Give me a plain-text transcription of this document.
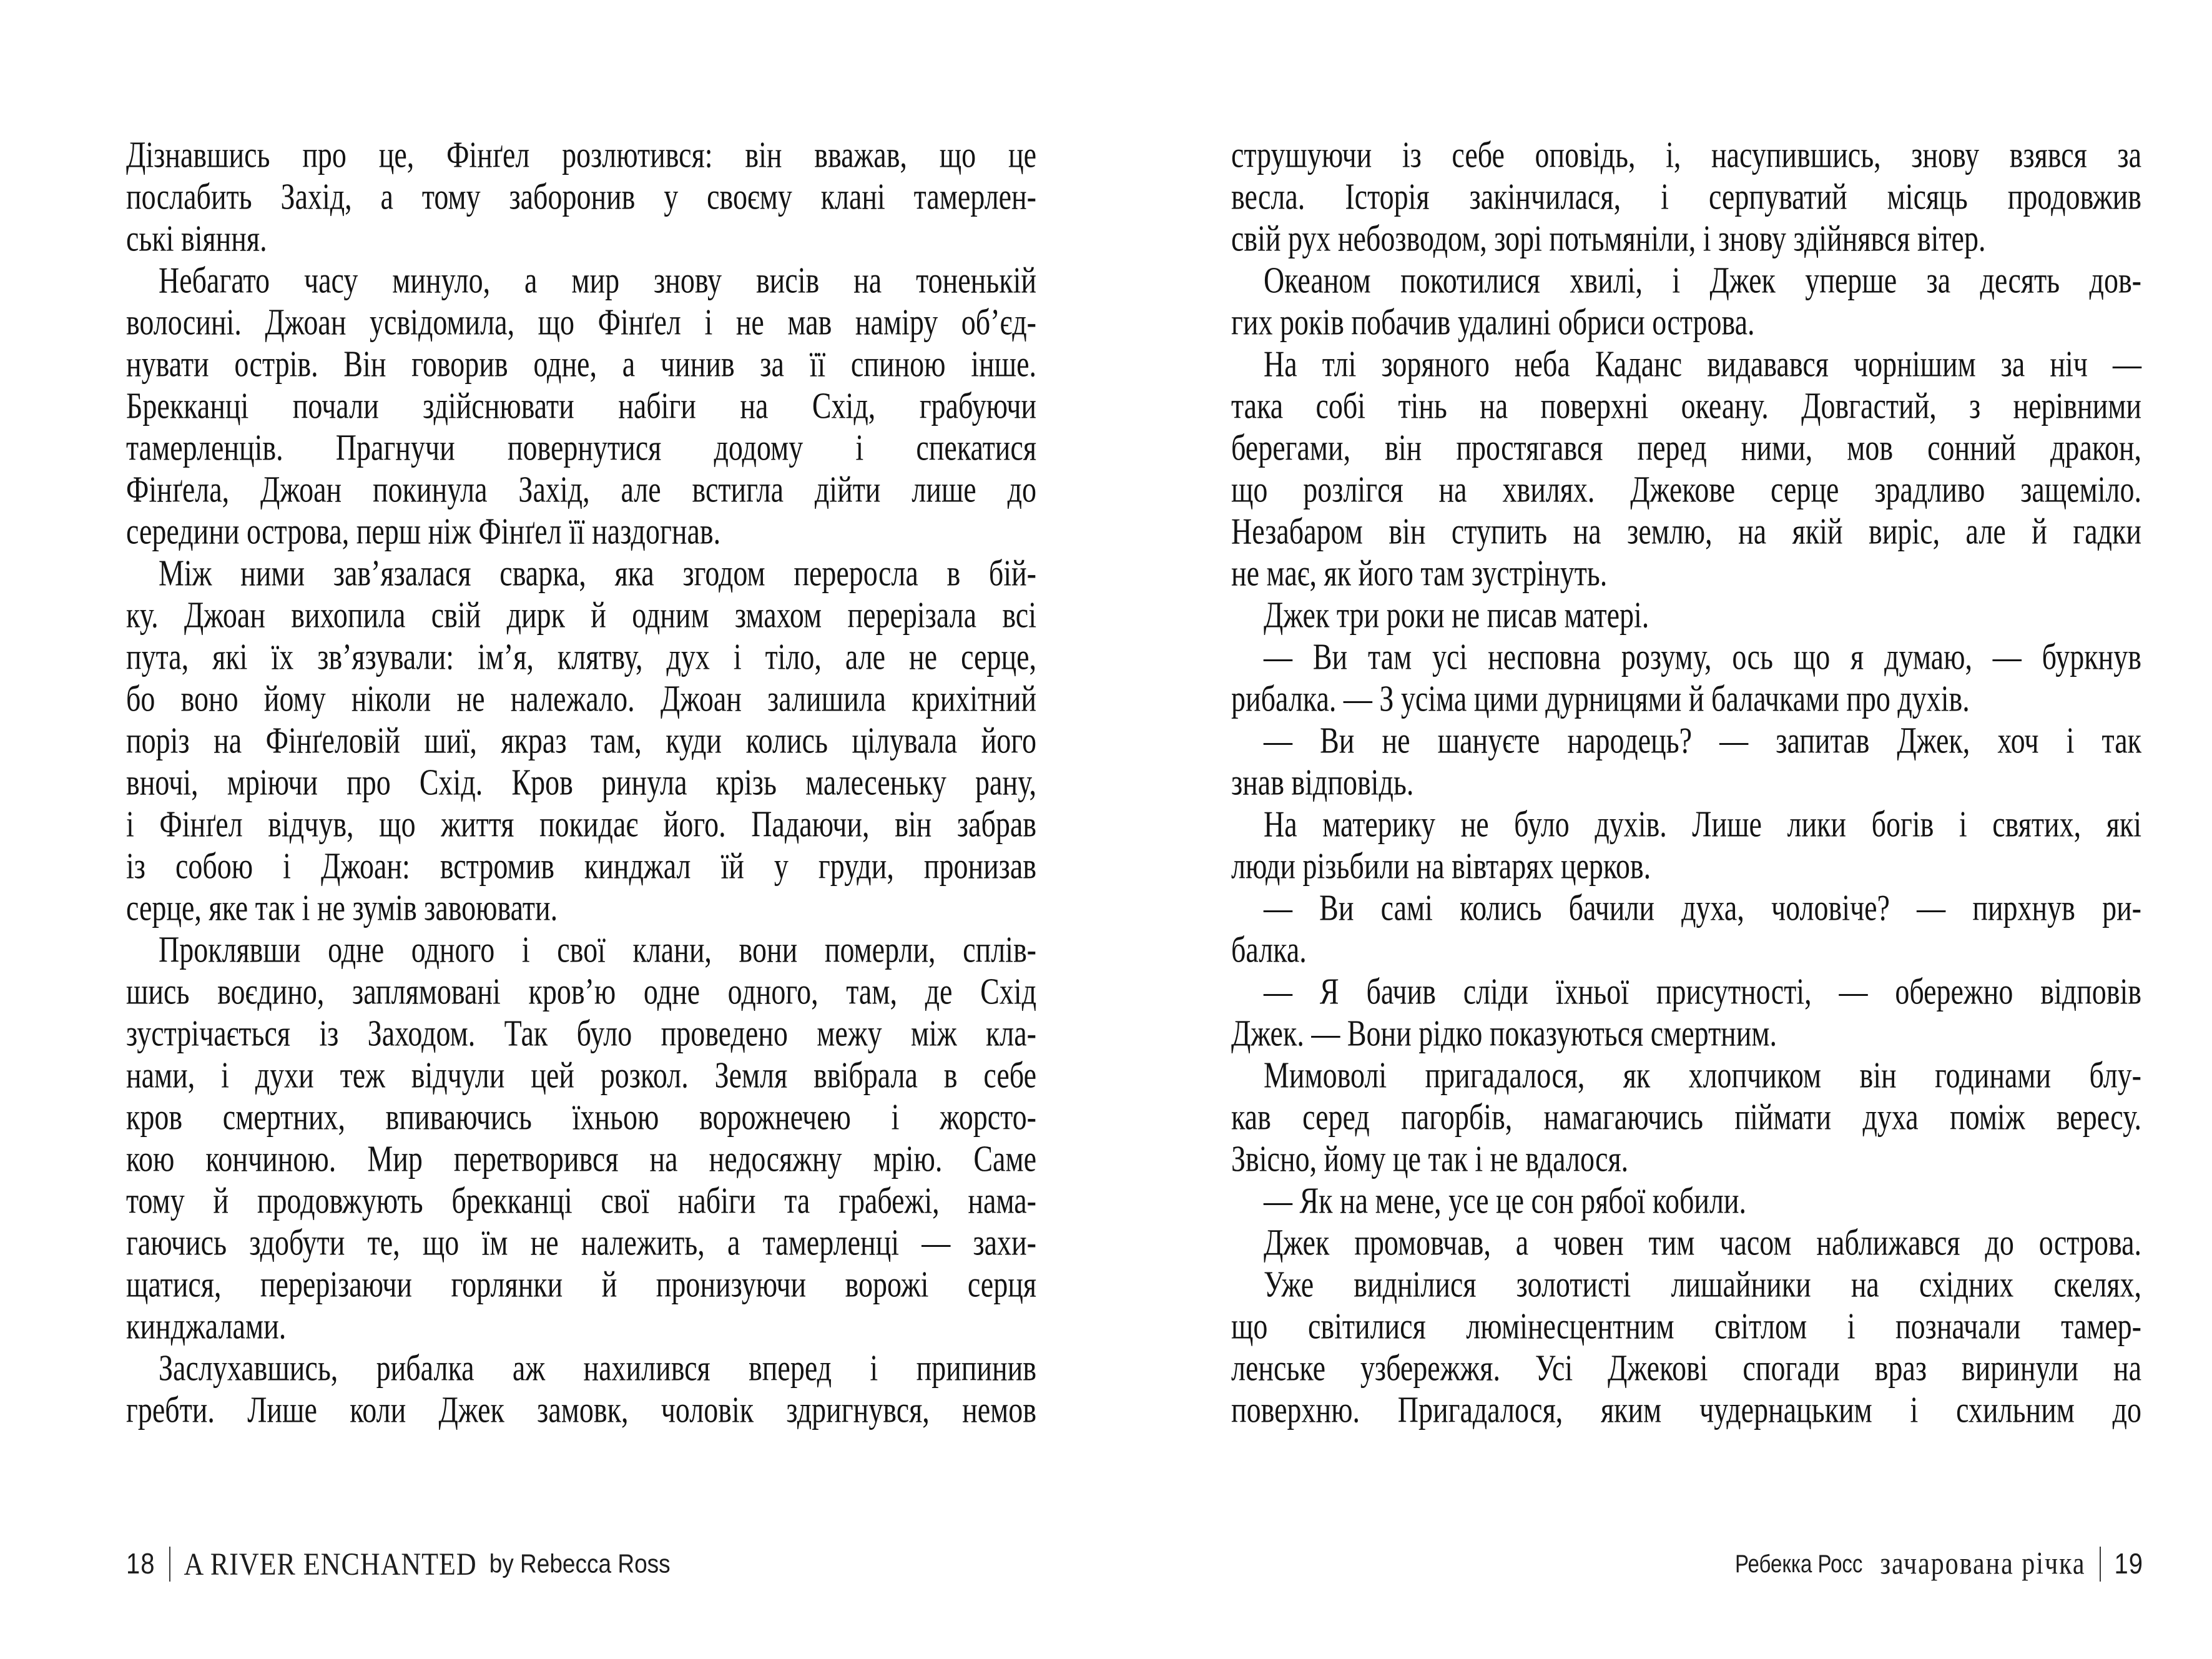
Дізнавшись про це, Фінґел розлютився: він вважав, що це
послабить Захід, а тому заборонив у своєму клані тамерлен-
ські віяння.
Небагато часу минуло, а мир знову висів на тоненькій
волосині. Джоан усвідомила, що Фінґел і не мав наміру об’єд-
нувати острів. Він говорив одне, а чинив за її спиною інше.
Брекканці почали здійснювати набіги на Схід, грабуючи
тамерленців. Прагнучи повернутися додому і спекатися
Фінґела, Джоан покинула Захід, але встигла дійти лише до
середини острова, перш ніж Фінґел її наздогнав.
Між ними зав’язалася сварка, яка згодом переросла в бій-
ку. Джоан вихопила свій дирк й одним змахом перерізала всі
пута, які їх зв’язували: ім’я, клятву, дух і тіло, але не серце,
бо воно йому ніколи не належало. Джоан залишила крихітний
поріз на Фінґеловій шиї, якраз там, куди колись цілувала його
вночі, мріючи про Схід. Кров ринула крізь малесеньку рану,
і Фінґел відчув, що життя покидає його. Падаючи, він забрав
із собою і Джоан: встромив кинджал їй у груди, пронизав
серце, яке так і не зумів завоювати.
Проклявши одне одного і свої клани, вони померли, сплів-
шись воєдино, заплямовані кров’ю одне одного, там, де Схід
зустрічається із Заходом. Так було проведено межу між кла-
нами, і духи теж відчули цей розкол. Земля ввібрала в себе
кров смертних, впиваючись їхньою ворожнечею і жорсто-
кою кончиною. Мир перетворився на недосяжну мрію. Саме
тому й продовжують брекканці свої набіги та грабежі, нама-
гаючись здобути те, що їм не належить, а тамерленці — захи-
щатися, перерізаючи горлянки й пронизуючи ворожі серця
кинджалами.
Заслухавшись, рибалка аж нахилився вперед і припинив
гребти. Лише коли Джек замовк, чоловік здригнувся, немов
струшуючи із себе оповідь, і, насупившись, знову взявся за
весла. Історія закінчилася, і серпуватий місяць продовжив
свій рух небозводом, зорі потьмяніли, і знову здійнявся вітер.
Океаном покотилися хвилі, і Джек уперше за десять дов-
гих років побачив удалині обриси острова.
На тлі зоряного неба Каданс видавався чорнішим за ніч —
така собі тінь на поверхні океану. Довгастий, з нерівними
берегами, він простягався перед ними, мов сонний дракон,
що розлігся на хвилях. Джекове серце зрадливо защеміло.
Незабаром він ступить на землю, на якій виріс, але й гадки
не має, як його там зустрінуть.
Джек три роки не писав матері.
— Ви там усі несповна розуму, ось що я думаю, — буркнув
рибалка. — З усіма цими дурницями й балачками про духів.
— Ви не шануєте народець? — запитав Джек, хоч і так
знав відповідь.
На материку не було духів. Лише лики богів і святих, які
люди різьбили на вівтарях церков.
— Ви самі колись бачили духа, чоловіче? — пирхнув ри-
балка.
— Я бачив сліди їхньої присутності, — обережно відповів
Джек. — Вони рідко показуються смертним.
Мимоволі пригадалося, як хлопчиком він годинами блу-
кав серед пагорбів, намагаючись піймати духа поміж вересу.
Звісно, йому це так і не вдалося.
— Як на мене, усе це сон рябої кобили.
Джек промовчав, а човен тим часом наближався до острова.
Уже виднілися золотисті лишайники на східних скелях,
що світилися люмінесцентним світлом і позначали тамер-
ленське узбережжя. Усі Джекові спогади враз виринули на
поверхню. Пригадалося, яким чудернацьким і схильним до
18 A RIVER ENCHANTED by Rebecca Ross	Ребекка Росс зачарована річка 19
